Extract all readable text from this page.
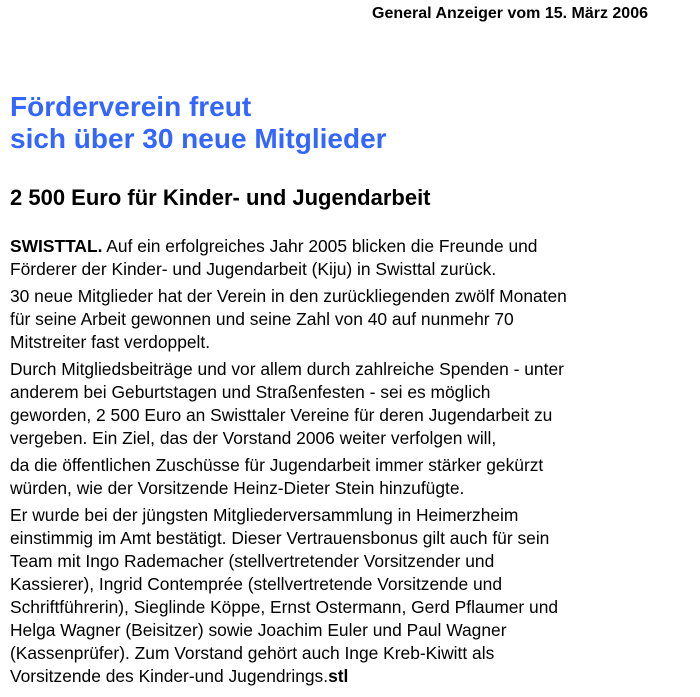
General Anzeiger vom 15. März 2006
Förderverein freut
sich über 30 neue Mitglieder
2 500 Euro für Kinder- und Jugendarbeit

SWISTTAL. Auf ein erfolgreiches Jahr 2005 blicken die Freunde und
Förderer der Kinder- und Jugendarbeit (Kiju) in Swisttal zurück.

30 neue Mitglieder hat der Verein in den zurückliegenden zwölf Monaten
für seine Arbeit gewonnen und seine Zahl von 40 auf nunmehr 70
Mitstreiter fast verdoppelt.

Durch Mitgliedsbeiträge und vor allem durch zahlreiche Spenden - unter
anderem bei Geburtstagen und Straßenfesten - sei es möglich
geworden, 2 500 Euro an Swisttaler Vereine für deren Jugendarbeit zu
vergeben. Ein Ziel, das der Vorstand 2006 weiter verfolgen will,

da die öffentlichen Zuschüsse für Jugendarbeit immer stärker gekürzt
würden, wie der Vorsitzende Heinz-Dieter Stein hinzufügte.

Er wurde bei der jüngsten Mitgliederversammlung in Heimerzheim
einstimmig im Amt bestätigt. Dieser Vertrauensbonus gilt auch für sein
Team mit Ingo Rademacher (stellvertretender Vorsitzender und
Kassierer), Ingrid Contemprée (stellvertretende Vorsitzende und
Schriftführerin), Sieglinde Köppe, Ernst Ostermann, Gerd Pflaumer und
Helga Wagner (Beisitzer) sowie Joachim Euler und Paul Wagner
(Kassenprüfer). Zum Vorstand gehört auch Inge Kreb-Kiwitt als
Vorsitzende des Kinder-und Jugendrings.stl
